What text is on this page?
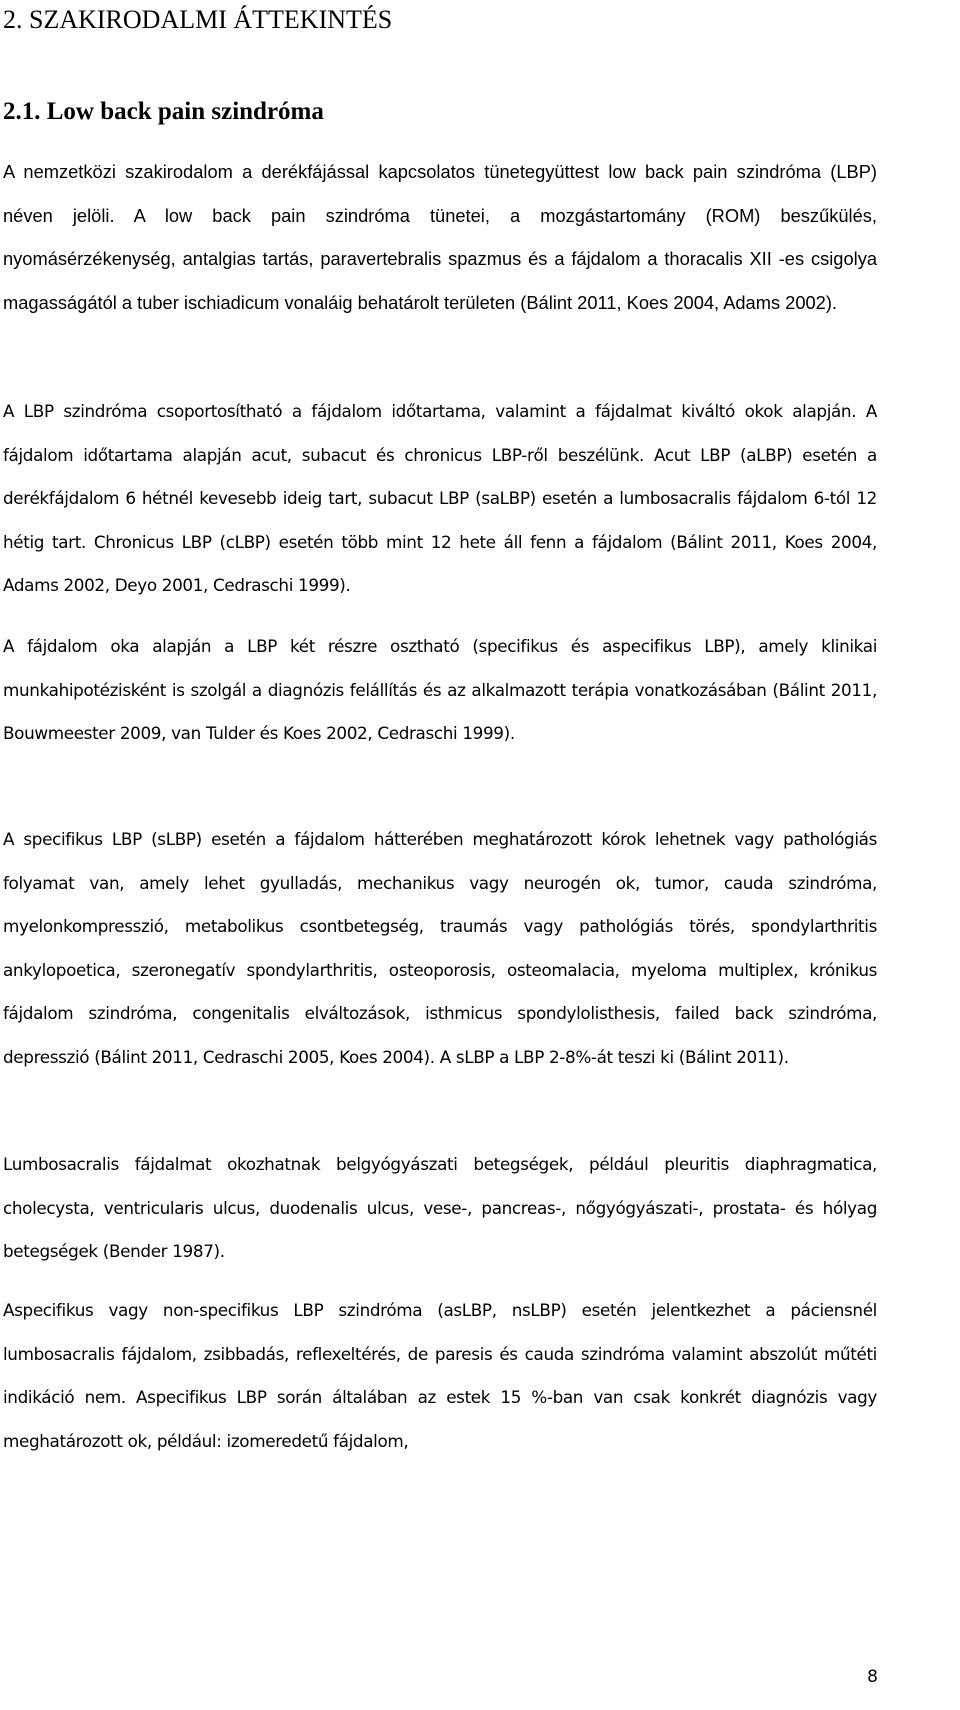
2. SZAKIRODALMI ÁTTEKINTÉS
2.1. Low back pain szindróma

A nemzetközi szakirodalom a derékfájással kapcsolatos tünetegyüttest low back pain szindróma (LBP) néven jelöli. A low back pain szindróma tünetei, a mozgástartomány (ROM) beszűkülés, nyomásérzékenység, antalgias tartás, paravertebralis spazmus és a fájdalom a thoracalis XII -es csigolya magasságától a tuber ischiadicum vonaláig behatárolt területen (Bálint 2011, Koes 2004, Adams 2002).

A LBP szindróma csoportosítható a fájdalom időtartama, valamint a fájdalmat kiváltó okok alapján. A fájdalom időtartama alapján acut, subacut és chronicus LBP-ről beszélünk. Acut LBP (aLBP) esetén a derékfájdalom 6 hétnél kevesebb ideig tart, subacut LBP (saLBP) esetén a lumbosacralis fájdalom 6-tól 12 hétig tart. Chronicus LBP (cLBP) esetén több mint 12 hete áll fenn a fájdalom (Bálint 2011, Koes 2004, Adams 2002, Deyo 2001, Cedraschi 1999).

A fájdalom oka alapján a LBP két részre osztható (specifikus és aspecifikus LBP), amely klinikai munkahipotézisként is szolgál a diagnózis felállítás és az alkalmazott terápia vonatkozásában (Bálint 2011, Bouwmeester 2009, van Tulder és Koes 2002, Cedraschi 1999).

A specifikus LBP (sLBP) esetén a fájdalom hátterében meghatározott kórok lehetnek vagy pathológiás folyamat van, amely lehet gyulladás, mechanikus vagy neurogén ok, tumor, cauda szindróma, myelonkompresszió, metabolikus csontbetegség, traumás vagy pathológiás törés, spondylarthritis ankylopoetica, szeronegatív spondylarthritis, osteoporosis, osteomalacia, myeloma multiplex, krónikus fájdalom szindróma, congenitalis elváltozások, isthmicus spondylolisthesis, failed back szindróma, depresszió (Bálint 2011, Cedraschi 2005, Koes 2004). A sLBP a LBP 2-8%-át teszi ki (Bálint 2011).

Lumbosacralis fájdalmat okozhatnak belgyógyászati betegségek, például pleuritis diaphragmatica, cholecysta, ventricularis ulcus, duodenalis ulcus, vese-, pancreas-, nőgyógyászati-, prostata- és hólyag betegségek (Bender 1987).

Aspecifikus vagy non-specifikus LBP szindróma (asLBP, nsLBP) esetén jelentkezhet a páciensnél lumbosacralis fájdalom, zsibbadás, reflexeltérés, de paresis és cauda szindróma valamint abszolút műtéti indikáció nem. Aspecifikus LBP során általában az estek 15 %-ban van csak konkrét diagnózis vagy meghatározott ok, például: izomeredetű fájdalom,

8
